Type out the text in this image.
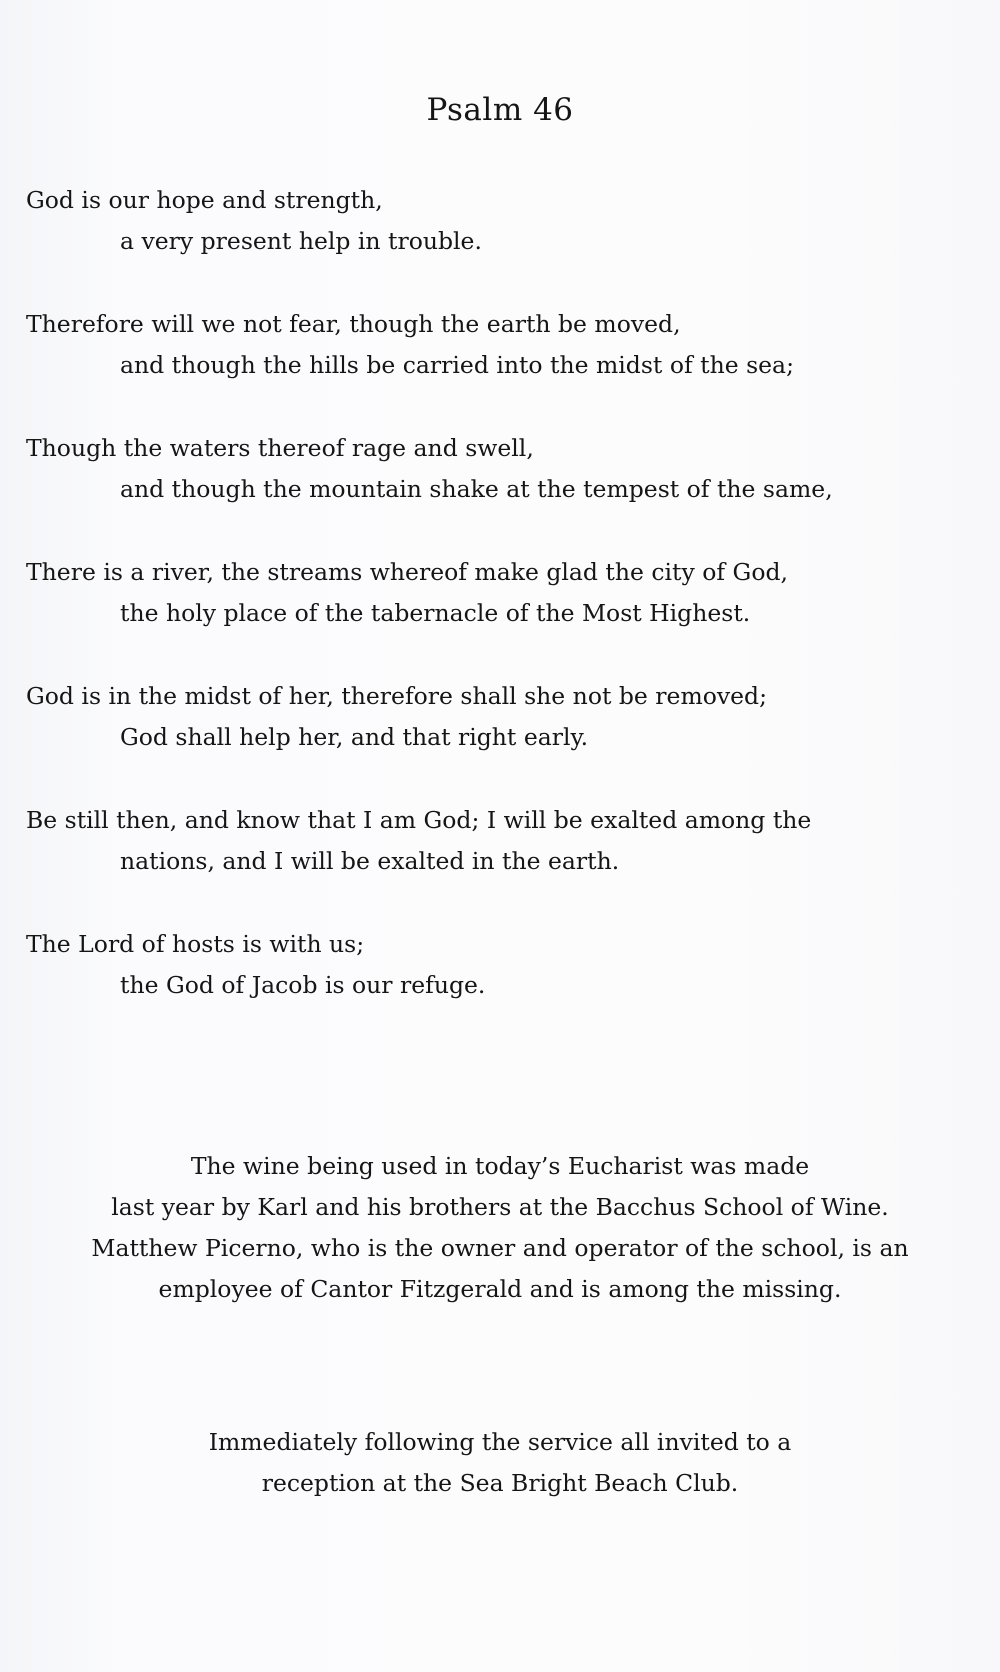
Psalm 46
God is our hope and strength,
a very present help in trouble.
Therefore will we not fear, though the earth be moved,
and though the hills be carried into the midst of the sea;
Though the waters thereof rage and swell,
and though the mountain shake at the tempest of the same,
There is a river, the streams whereof make glad the city of God,
the holy place of the tabernacle of the Most Highest.
God is in the midst of her, therefore shall she not be removed;
God shall help her, and that right early.
Be still then, and know that I am God; I will be exalted among the
nations, and I will be exalted in the earth.
The Lord of hosts is with us;
the God of Jacob is our refuge.
The wine being used in today’s Eucharist was made
last year by Karl and his brothers at the Bacchus School of Wine.
Matthew Picerno, who is the owner and operator of the school, is an
employee of Cantor Fitzgerald and is among the missing.
Immediately following the service all invited to a
reception at the Sea Bright Beach Club.
